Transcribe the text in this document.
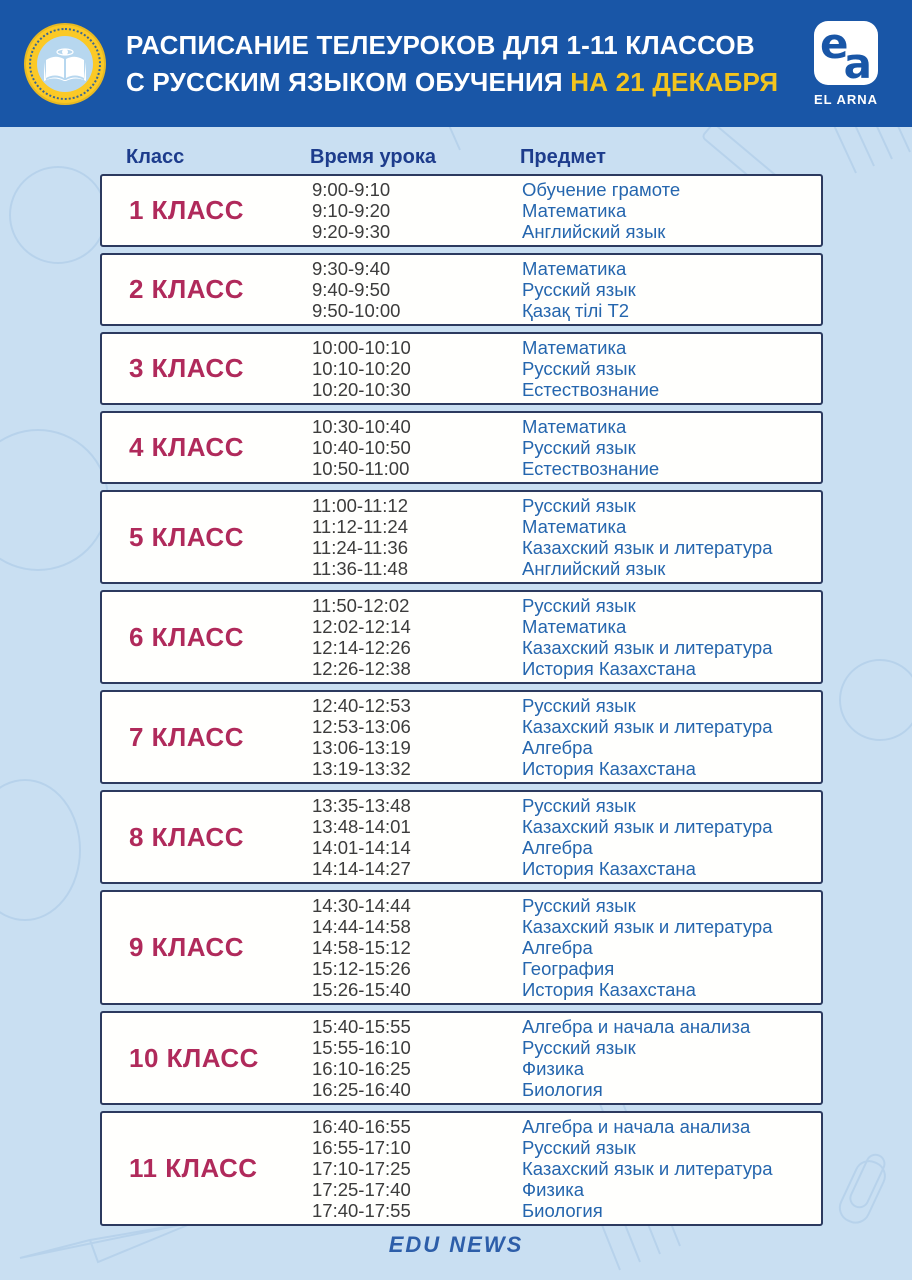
РАСПИСАНИЕ ТЕЛЕУРОКОВ ДЛЯ 1-11 КЛАССОВ
С РУССКИМ ЯЗЫКОМ ОБУЧЕНИЯ НА 21 ДЕКАБРЯ
e
a
EL ARNA
Класс	Время урока	Предмет
1 КЛАСС
9:00-9:10
9:10-9:20
9:20-9:30
Обучение грамоте
Математика
Английский язык
2 КЛАСС
9:30-9:40
9:40-9:50
9:50-10:00
Математика
Русский язык
Қазақ тілі Т2
3 КЛАСС
10:00-10:10
10:10-10:20
10:20-10:30
Математика
Русский язык
Естествознание
4 КЛАСС
10:30-10:40
10:40-10:50
10:50-11:00
Математика
Русский язык
Естествознание
5 КЛАСС
11:00-11:12
11:12-11:24
11:24-11:36
11:36-11:48
Русский язык
Математика
Казахский язык и литература
Английский язык
6 КЛАСС
11:50-12:02
12:02-12:14
12:14-12:26
12:26-12:38
Русский язык
Математика
Казахский язык и литература
История Казахстана
7 КЛАСС
12:40-12:53
12:53-13:06
13:06-13:19
13:19-13:32
Русский язык
Казахский язык и литература
Алгебра
История Казахстана
8 КЛАСС
13:35-13:48
13:48-14:01
14:01-14:14
14:14-14:27
Русский язык
Казахский язык и литература
Алгебра
История Казахстана
9 КЛАСС
14:30-14:44
14:44-14:58
14:58-15:12
15:12-15:26
15:26-15:40
Русский язык
Казахский язык и литература
Алгебра
География
История Казахстана
10 КЛАСС
15:40-15:55
15:55-16:10
16:10-16:25
16:25-16:40
Алгебра и начала анализа
Русский язык
Физика
Биология
11 КЛАСС
16:40-16:55
16:55-17:10
17:10-17:25
17:25-17:40
17:40-17:55
Алгебра и начала анализа
Русский язык
Казахский язык и литература
Физика
Биология
EDU NEWS
